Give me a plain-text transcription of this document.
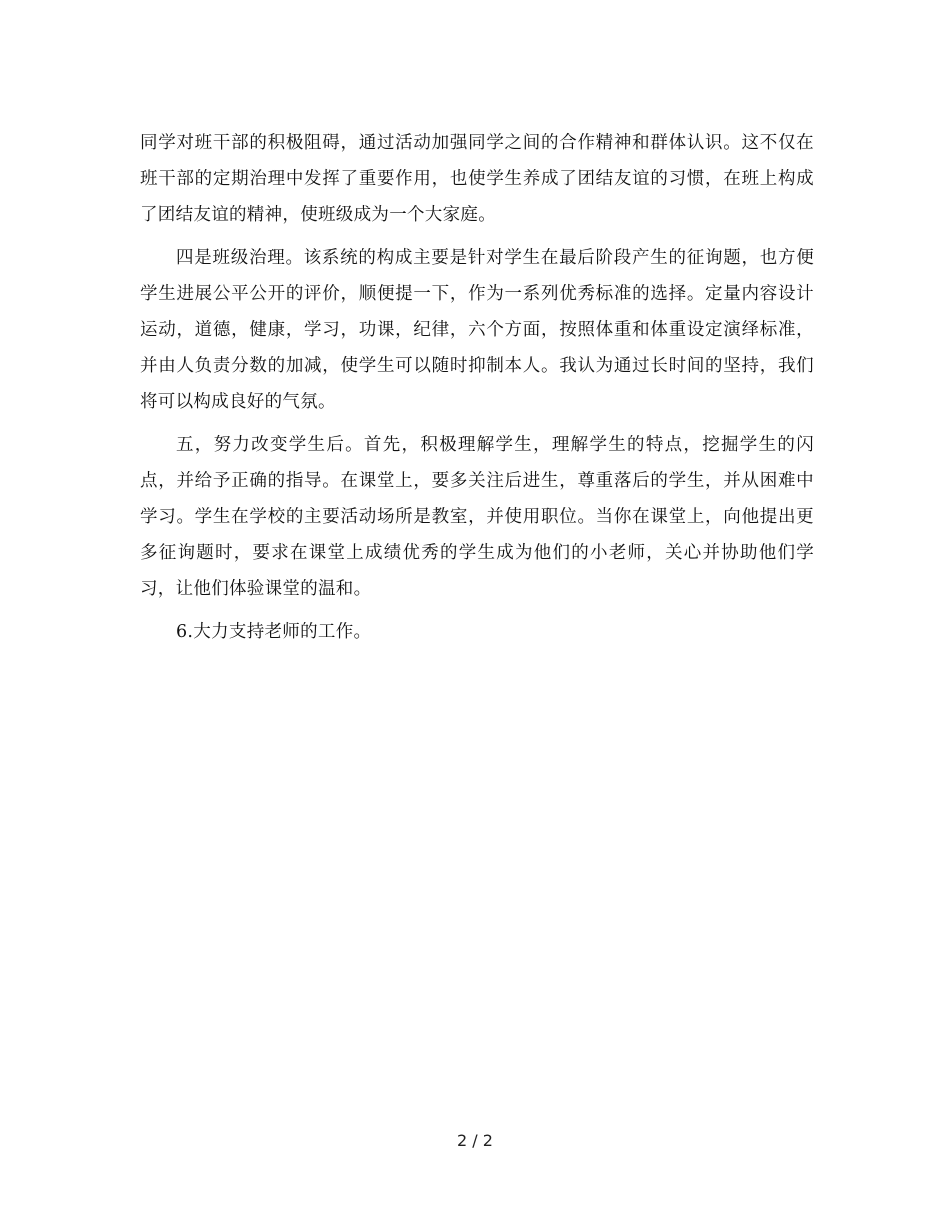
同学对班干部的积极阻碍，通过活动加强同学之间的合作精神和群体认识。这不仅在班干部的定期治理中发挥了重要作用，也使学生养成了团结友谊的习惯，在班上构成了团结友谊的精神，使班级成为一个大家庭。

四是班级治理。该系统的构成主要是针对学生在最后阶段产生的征询题，也方便学生进展公平公开的评价，顺便提一下，作为一系列优秀标准的选择。定量内容设计运动，道德，健康，学习，功课，纪律，六个方面，按照体重和体重设定演绎标准，并由人负责分数的加减，使学生可以随时抑制本人。我认为通过长时间的坚持，我们将可以构成良好的气氛。

五，努力改变学生后。首先，积极理解学生，理解学生的特点，挖掘学生的闪点，并给予正确的指导。在课堂上，要多关注后进生，尊重落后的学生，并从困难中学习。学生在学校的主要活动场所是教室，并使用职位。当你在课堂上，向他提出更多征询题时，要求在课堂上成绩优秀的学生成为他们的小老师，关心并协助他们学习，让他们体验课堂的温和。

6.大力支持老师的工作。

2 / 2
